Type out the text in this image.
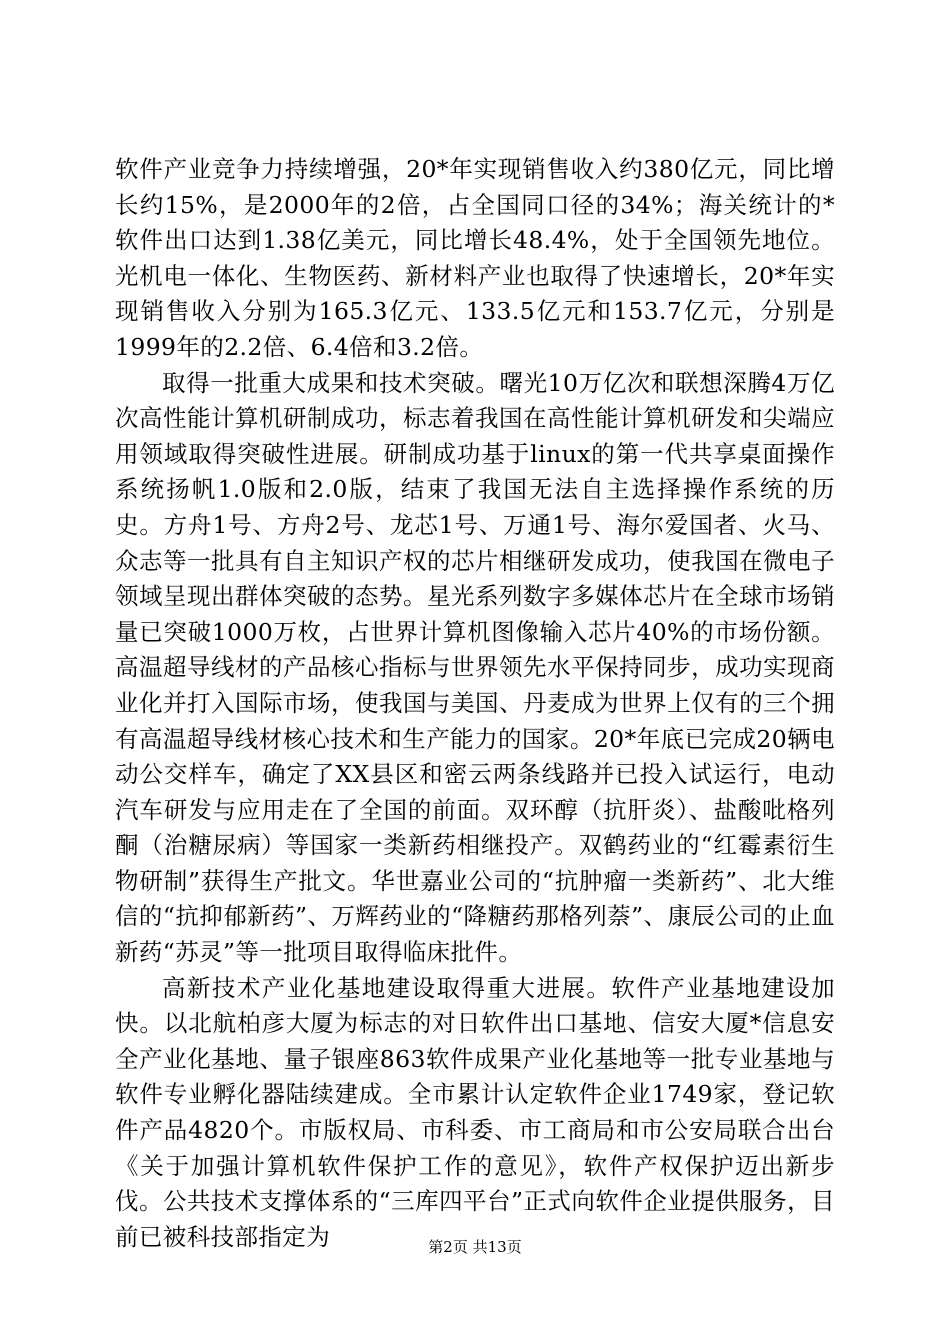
软件产业竞争力持续增强，20*年实现销售收入约380亿元，同比增长约15%，是2000年的2倍，占全国同口径的34%；海关统计的*软件出口达到1.38亿美元，同比增长48.4%，处于全国领先地位。光机电一体化、生物医药、新材料产业也取得了快速增长，20*年实现销售收入分别为165.3亿元、133.5亿元和153.7亿元，分别是1999年的2.2倍、6.4倍和3.2倍。

取得一批重大成果和技术突破。曙光10万亿次和联想深腾4万亿次高性能计算机研制成功，标志着我国在高性能计算机研发和尖端应用领域取得突破性进展。研制成功基于linux的第一代共享桌面操作系统扬帆1.0版和2.0版，结束了我国无法自主选择操作系统的历史。方舟1号、方舟2号、龙芯1号、万通1号、海尔爱国者、火马、众志等一批具有自主知识产权的芯片相继研发成功，使我国在微电子领域呈现出群体突破的态势。星光系列数字多媒体芯片在全球市场销量已突破1000万枚，占世界计算机图像输入芯片40%的市场份额。高温超导线材的产品核心指标与世界领先水平保持同步，成功实现商业化并打入国际市场，使我国与美国、丹麦成为世界上仅有的三个拥有高温超导线材核心技术和生产能力的国家。20*年底已完成20辆电动公交样车，确定了XX县区和密云两条线路并已投入试运行，电动汽车研发与应用走在了全国的前面。双环醇（抗肝炎）、盐酸吡格列酮（治糖尿病）等国家一类新药相继投产。双鹤药业的“红霉素衍生物研制”获得生产批文。华世嘉业公司的“抗肿瘤一类新药”、北大维信的“抗抑郁新药”、万辉药业的“降糖药那格列萘”、康辰公司的止血新药“苏灵”等一批项目取得临床批件。

高新技术产业化基地建设取得重大进展。软件产业基地建设加快。以北航柏彦大厦为标志的对日软件出口基地、信安大厦*信息安全产业化基地、量子银座863软件成果产业化基地等一批专业基地与软件专业孵化器陆续建成。全市累计认定软件企业1749家，登记软件产品4820个。市版权局、市科委、市工商局和市公安局联合出台《关于加强计算机软件保护工作的意见》，软件产权保护迈出新步伐。公共技术支撑体系的“三库四平台”正式向软件企业提供服务，目前已被科技部指定为	第2页 共13页
